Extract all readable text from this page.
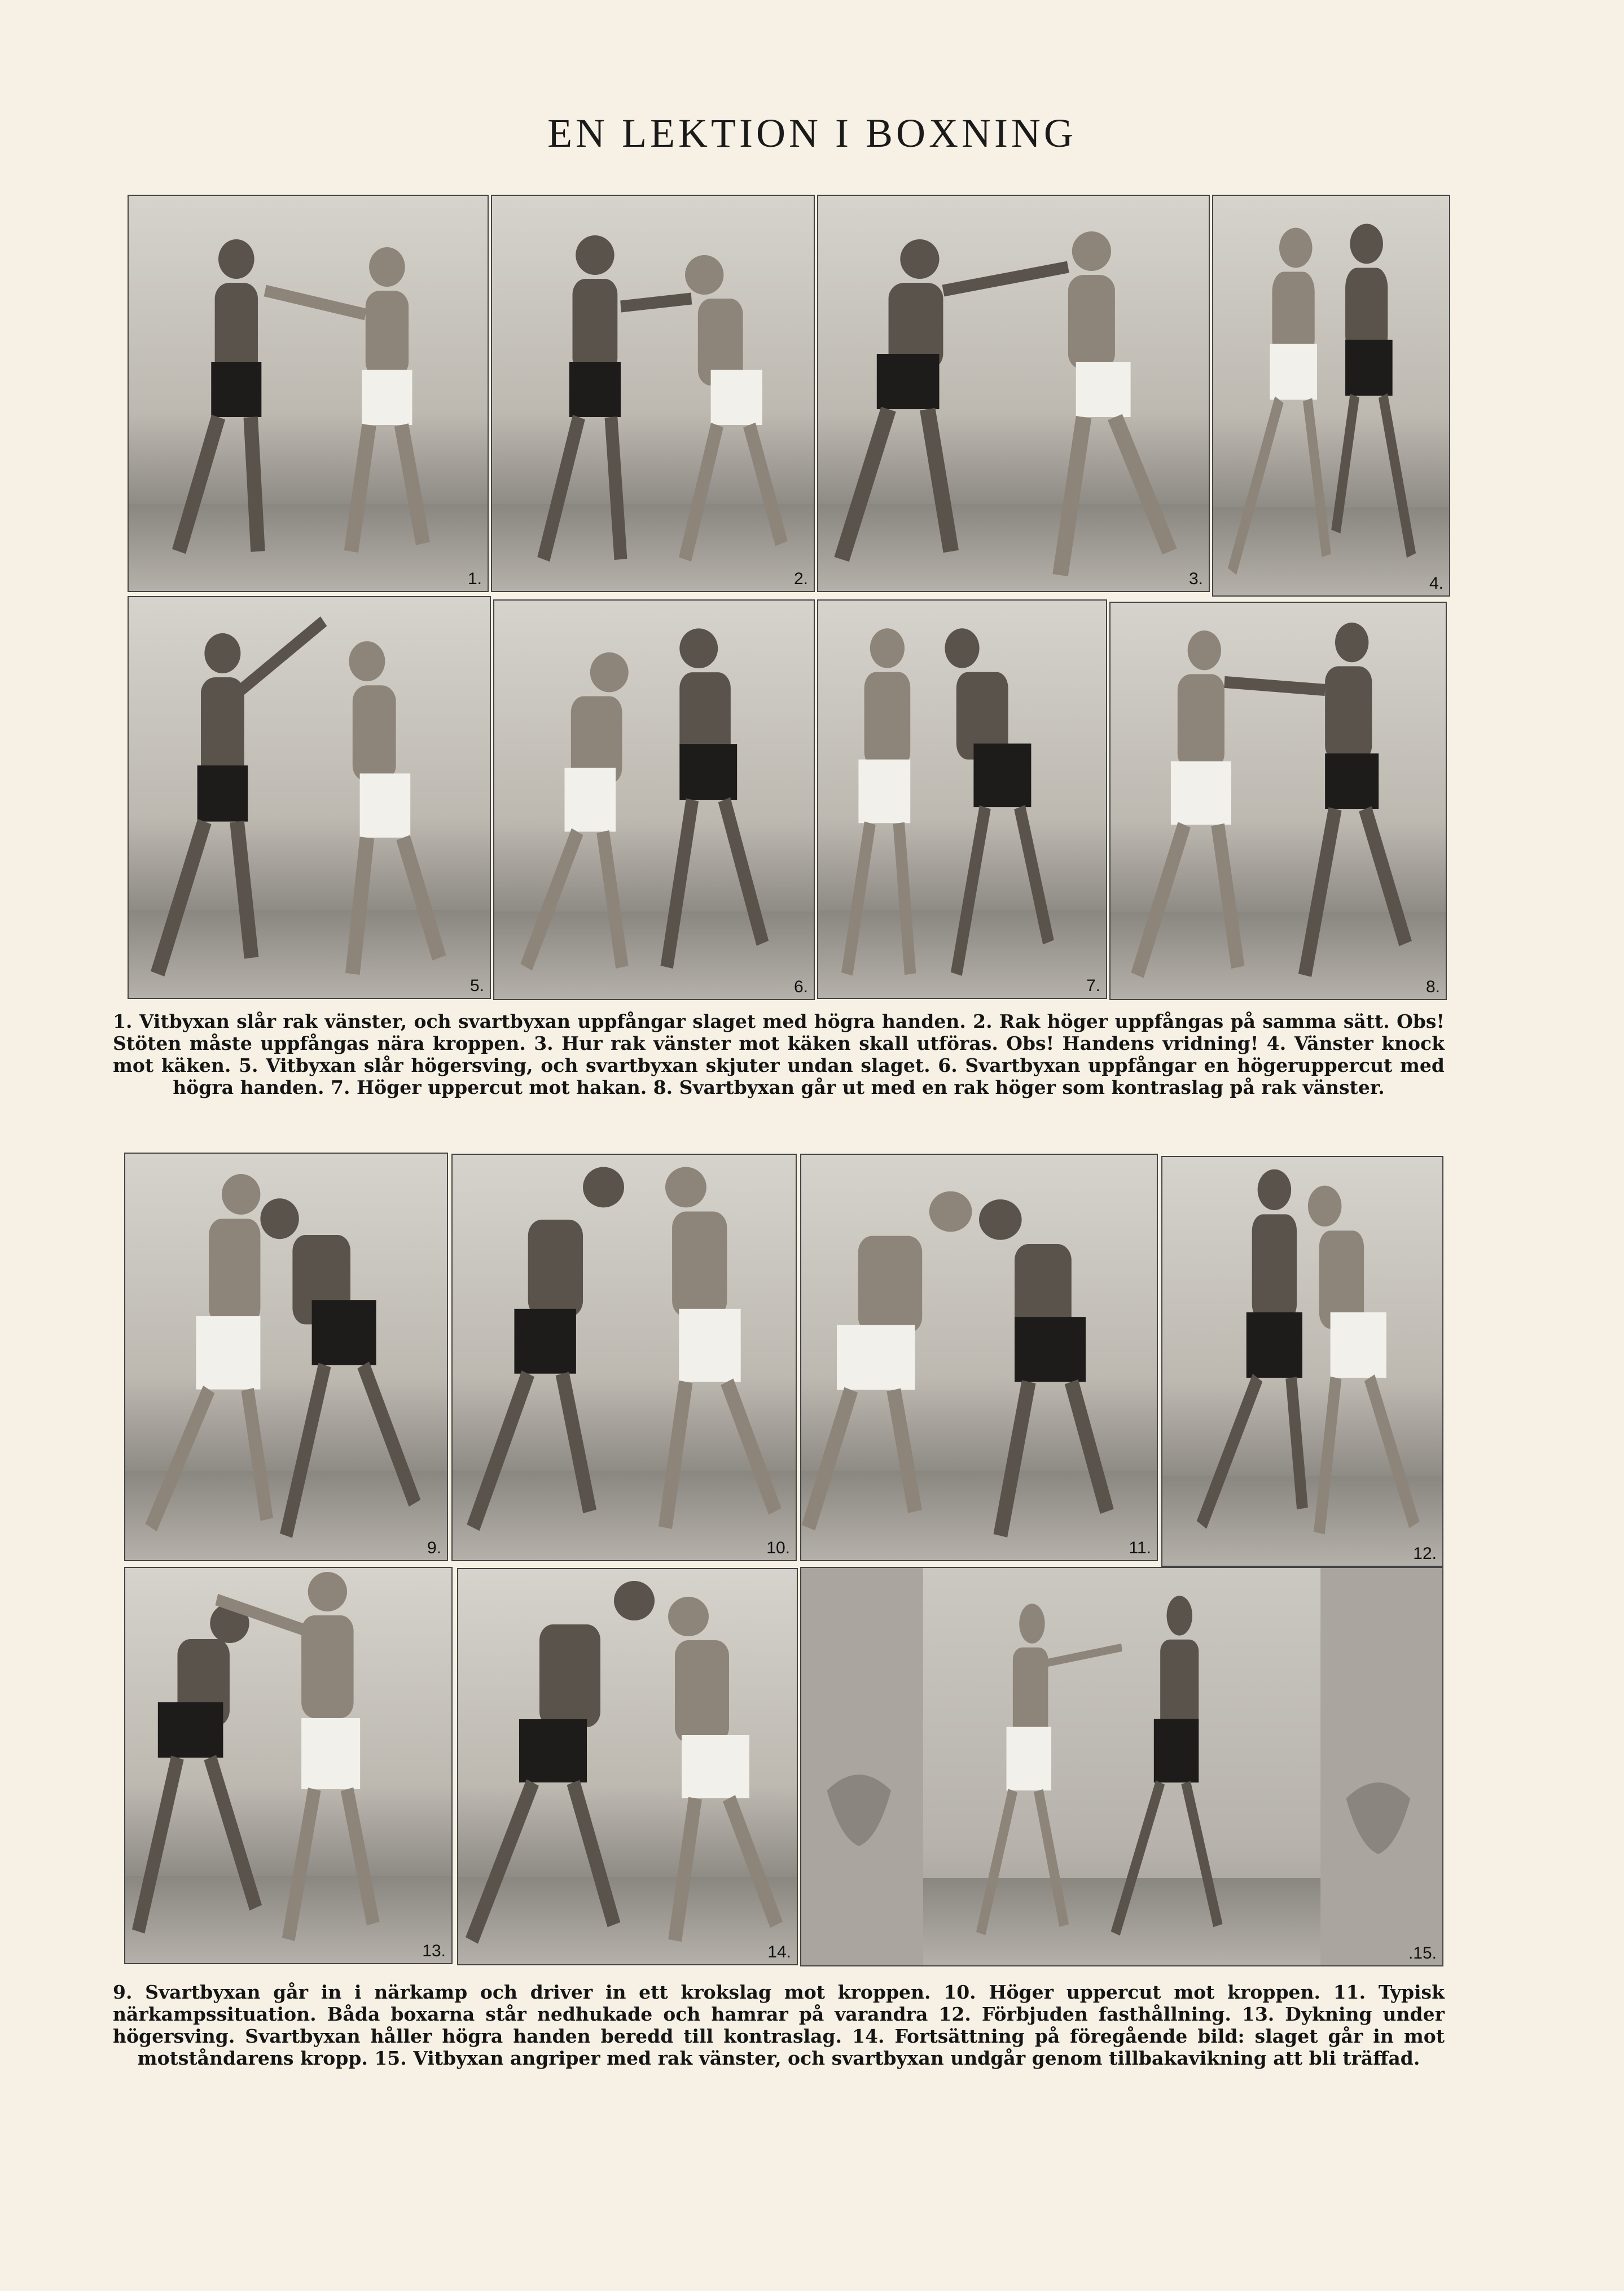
EN LEKTION I BOXNING
1.	2.	3.	4.
5.	6.	7.	8.
1. Vitbyxan slår rak vänster, och svartbyxan uppfångar slaget med högra handen. 2. Rak höger uppfångas på samma sätt. Obs! Stöten måste uppfångas nära kroppen. 3. Hur rak vänster mot käken skall utföras. Obs! Handens vridning! 4. Vänster knock mot käken. 5. Vitbyxan slår högersving, och svartbyxan skjuter undan slaget. 6. Svartbyxan uppfångar en högeruppercut med högra handen. 7. Höger uppercut mot hakan. 8. Svartbyxan går ut med en rak höger som kontraslag på rak vänster.
9.	10.	11.	12.
13.	14.	.15.
9. Svartbyxan går in i närkamp och driver in ett krokslag mot kroppen. 10. Höger uppercut mot kroppen. 11. Typisk närkampssituation. Båda boxarna står nedhukade och hamrar på varandra 12. Förbjuden fasthållning. 13. Dykning under högersving. Svartbyxan håller högra handen beredd till kontraslag. 14. Fortsättning på föregående bild: slaget går in mot motståndarens kropp. 15. Vitbyxan angriper med rak vänster, och svartbyxan undgår genom tillbakavikning att bli träffad.
